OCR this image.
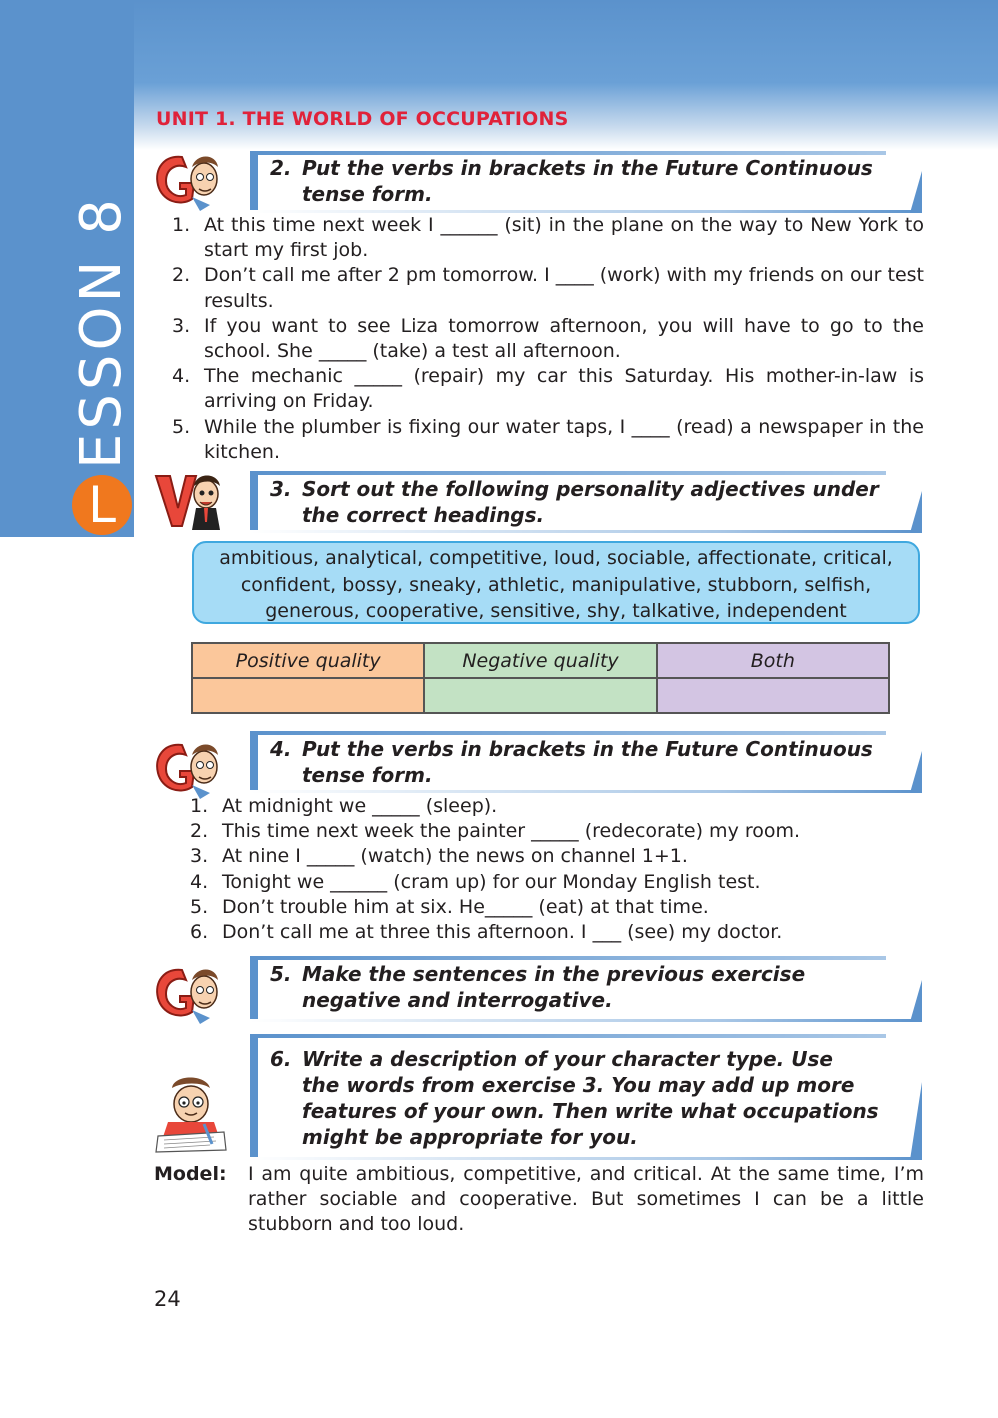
L
ESSON 8
UNIT 1. THE WORLD OF OCCUPATIONS
2. Put the verbs in brackets in the Future Continuous
tense form.
1. At this time next week I ______ (sit) in the plane on the way to New York to start my first job.
2. Don’t call me after 2 pm tomorrow. I ____ (work) with my friends on our test results.
3. If you want to see Liza tomorrow afternoon, you will have to go to the school. She _____ (take) a test all afternoon.
4. The mechanic _____ (repair) my car this Saturday. His mother-in-law is arriving on Friday.
5. While the plumber is fixing our water taps, I ____ (read) a newspaper in the kitchen.
3. Sort out the following personality adjectives under
the correct headings.
ambitious, analytical, competitive, loud, sociable, affectionate, critical,
confident, bossy, sneaky, athletic, manipulative, stubborn, selfish,
generous, cooperative, sensitive, shy, talkative, independent
Positive quality	Negative quality	Both

4. Put the verbs in brackets in the Future Continuous
tense form.
1. At midnight we _____ (sleep).
2. This time next week the painter _____ (redecorate) my room.
3. At nine I _____ (watch) the news on channel 1+1.
4. Tonight we ______ (cram up) for our Monday English test.
5. Don’t trouble him at six. He_____ (eat) at that time.
6. Don’t call me at three this afternoon. I ___ (see) my doctor.
5. Make the sentences in the previous exercise
negative and interrogative.
6. Write a description of your character type. Use
the words from exercise 3. You may add up more
features of your own. Then write what occupations
might be appropriate for you.
Model: I am quite ambitious, competitive, and critical. At the same time, I’m rather sociable and cooperative. But sometimes I can be a little stubborn and too loud.
24
